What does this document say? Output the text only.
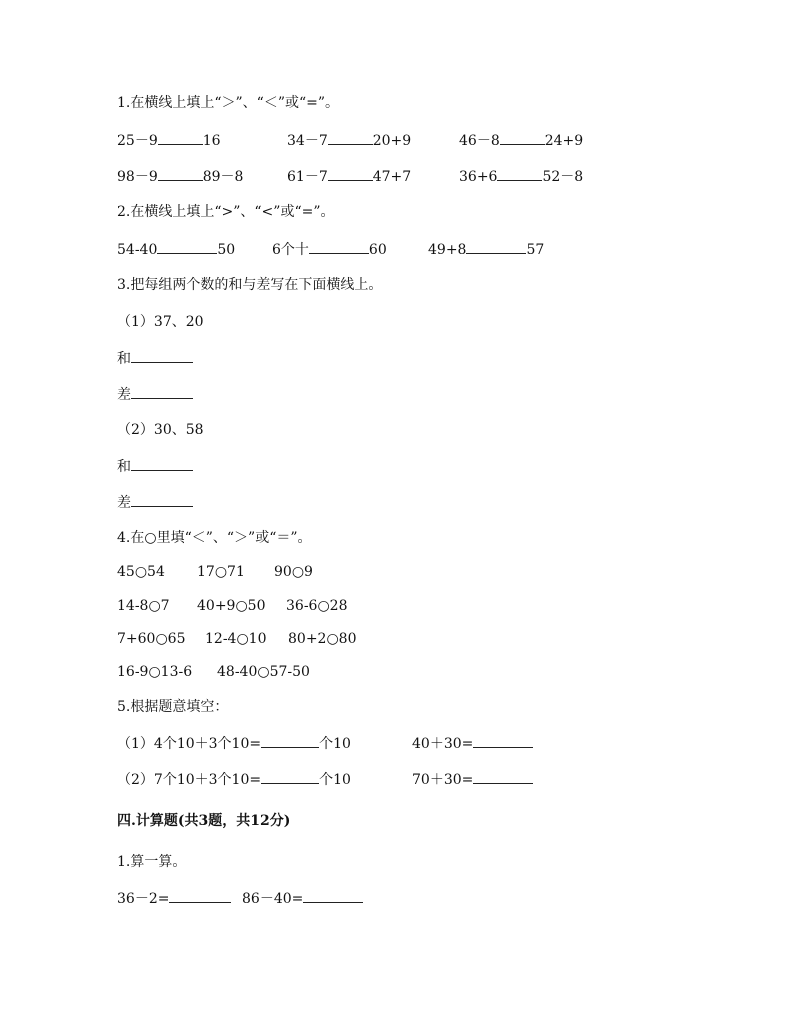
1.在横线上填上“＞”、“＜”或“=”。
25－9	16	34－7	20+9	46－8	24+9
98－9	89－8	61－7	47+7	36+6	52－8
2.在横线上填上“>”、“<”或“=”。
54-40	50	6个十	60	49+8	57
3.把每组两个数的和与差写在下面横线上。
（1）37、20
和
差
（2）30、58
和
差
4.在○里填“＜”、“＞”或“＝”。
45○54 17○71 90○9
14-8○7 40+9○50 36-6○28
7+60○65 12-4○10 80+2○80
16-9○13-6 48-40○57-50
5.根据题意填空：
（1）4个10＋3个10=	个10	40＋30=
（2）7个10＋3个10=	个10	70＋30=
四.计算题(共3题，共12分)
1.算一算。
36－2=	86－40=
